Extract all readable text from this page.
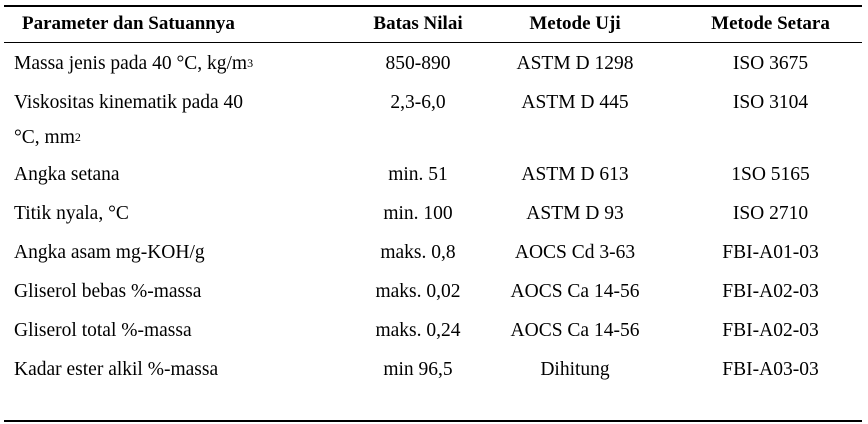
Parameter dan Satuannya	Batas Nilai	Metode Uji	Metode Setara
Massa jenis pada 40 °C, $kg/m^3$	850-890	ASTM D 1298	ISO 3675
Viskositas kinematik pada 40	2,3-6,0	ASTM D 445	ISO 3104
°C, $mm^2$
Angka setana	min. 51	ASTM D 613	1SO 5165
Titik nyala, °C	min. 100	ASTM D 93	ISO 2710
Angka asam mg-KOH/g	maks. 0,8	AOCS Cd 3-63	FBI-A01-03
Gliserol bebas %-massa	maks. 0,02	AOCS Ca 14-56	FBI-A02-03
Gliserol total %-massa	maks. 0,24	AOCS Ca 14-56	FBI-A02-03
Kadar ester alkil %-massa	min 96,5	Dihitung	FBI-A03-03
